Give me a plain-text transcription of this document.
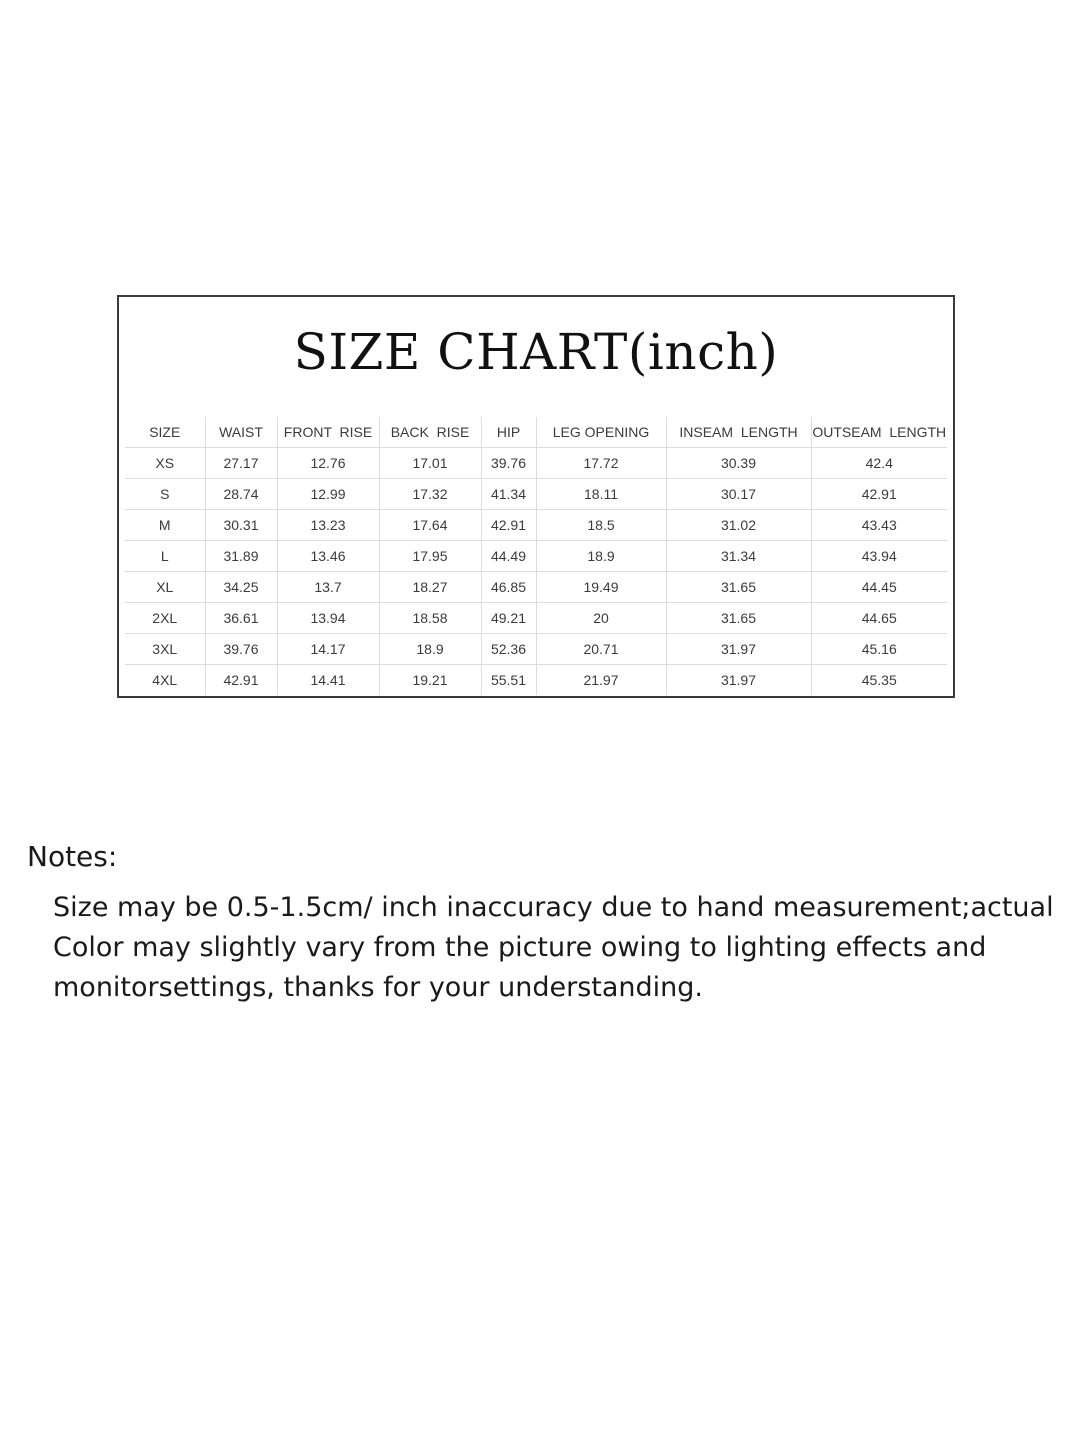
SIZE CHART(inch)
SIZE	WAIST	FRONT  RISE	BACK  RISE	HIP	LEG OPENING	INSEAM  LENGTH	OUTSEAM  LENGTH
XS	27.17	12.76	17.01	39.76	17.72	30.39	42.4
S	28.74	12.99	17.32	41.34	18.11	30.17	42.91
M	30.31	13.23	17.64	42.91	18.5	31.02	43.43
L	31.89	13.46	17.95	44.49	18.9	31.34	43.94
XL	34.25	13.7	18.27	46.85	19.49	31.65	44.45
2XL	36.61	13.94	18.58	49.21	20	31.65	44.65
3XL	39.76	14.17	18.9	52.36	20.71	31.97	45.16
4XL	42.91	14.41	19.21	55.51	21.97	31.97	45.35

Notes:

Size may be 0.5-1.5cm/ inch inaccuracy due to hand measurement;actual
Color may slightly vary from the picture owing to lighting effects and
monitorsettings, thanks for your understanding.
